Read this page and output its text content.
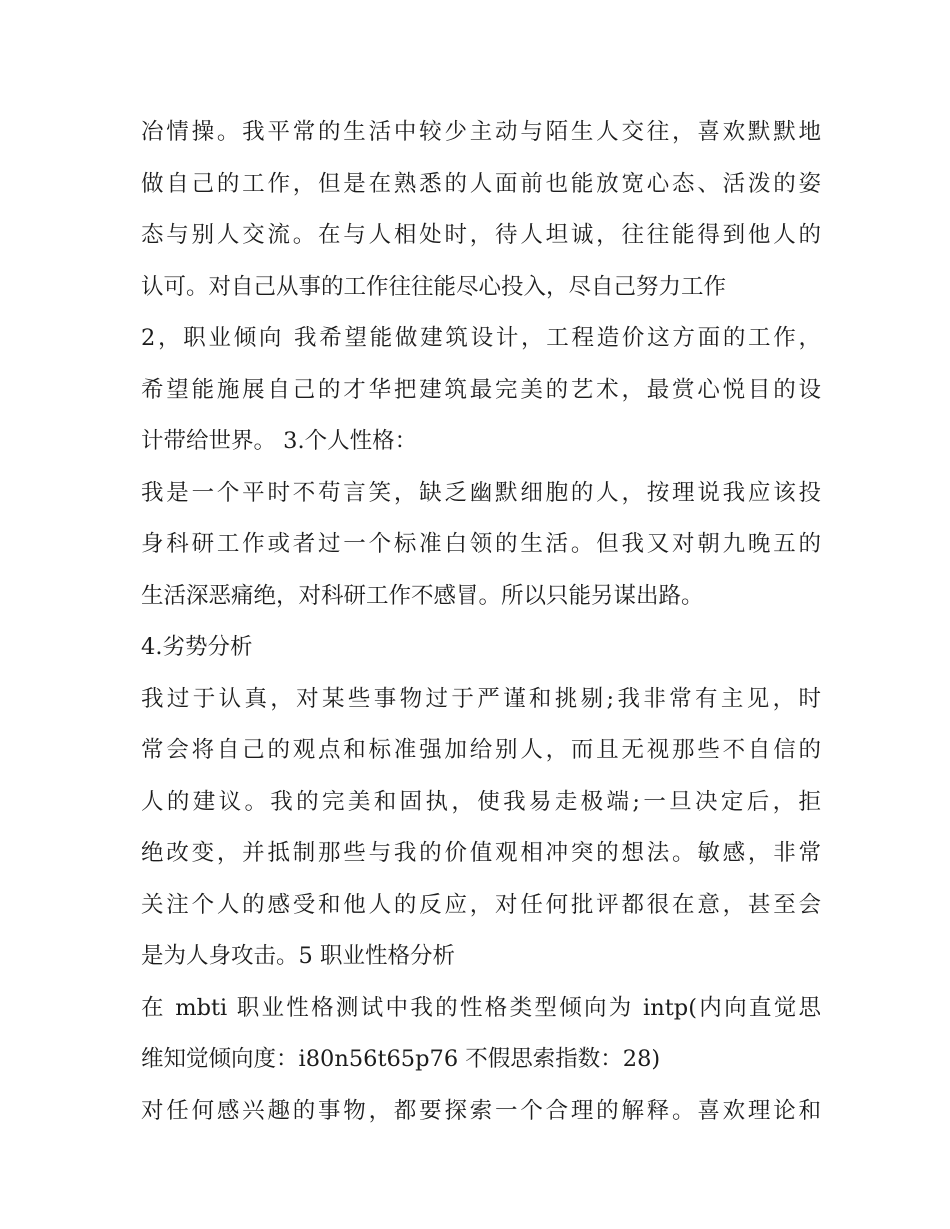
冶情操。我平常的生活中较少主动与陌生人交往，喜欢默默地
做自己的工作，但是在熟悉的人面前也能放宽心态、活泼的姿
态与别人交流。在与人相处时，待人坦诚，往往能得到他人的
认可。对自己从事的工作往往能尽心投入，尽自己努力工作
2，职业倾向 我希望能做建筑设计，工程造价这方面的工作，
希望能施展自己的才华把建筑最完美的艺术，最赏心悦目的设
计带给世界。 3.个人性格：
我是一个平时不苟言笑，缺乏幽默细胞的人，按理说我应该投
身科研工作或者过一个标准白领的生活。但我又对朝九晚五的
生活深恶痛绝，对科研工作不感冒。所以只能另谋出路。
4.劣势分析
我过于认真，对某些事物过于严谨和挑剔;我非常有主见，时
常会将自己的观点和标准强加给别人，而且无视那些不自信的
人的建议。我的完美和固执，使我易走极端;一旦决定后，拒
绝改变，并抵制那些与我的价值观相冲突的想法。敏感，非常
关注个人的感受和他人的反应，对任何批评都很在意，甚至会
是为人身攻击。5 职业性格分析
在 mbti 职业性格测试中我的性格类型倾向为 intp(内向直觉思
维知觉倾向度：i80n56t65p76 不假思索指数：28)
对任何感兴趣的事物，都要探索一个合理的解释。喜欢理论和
